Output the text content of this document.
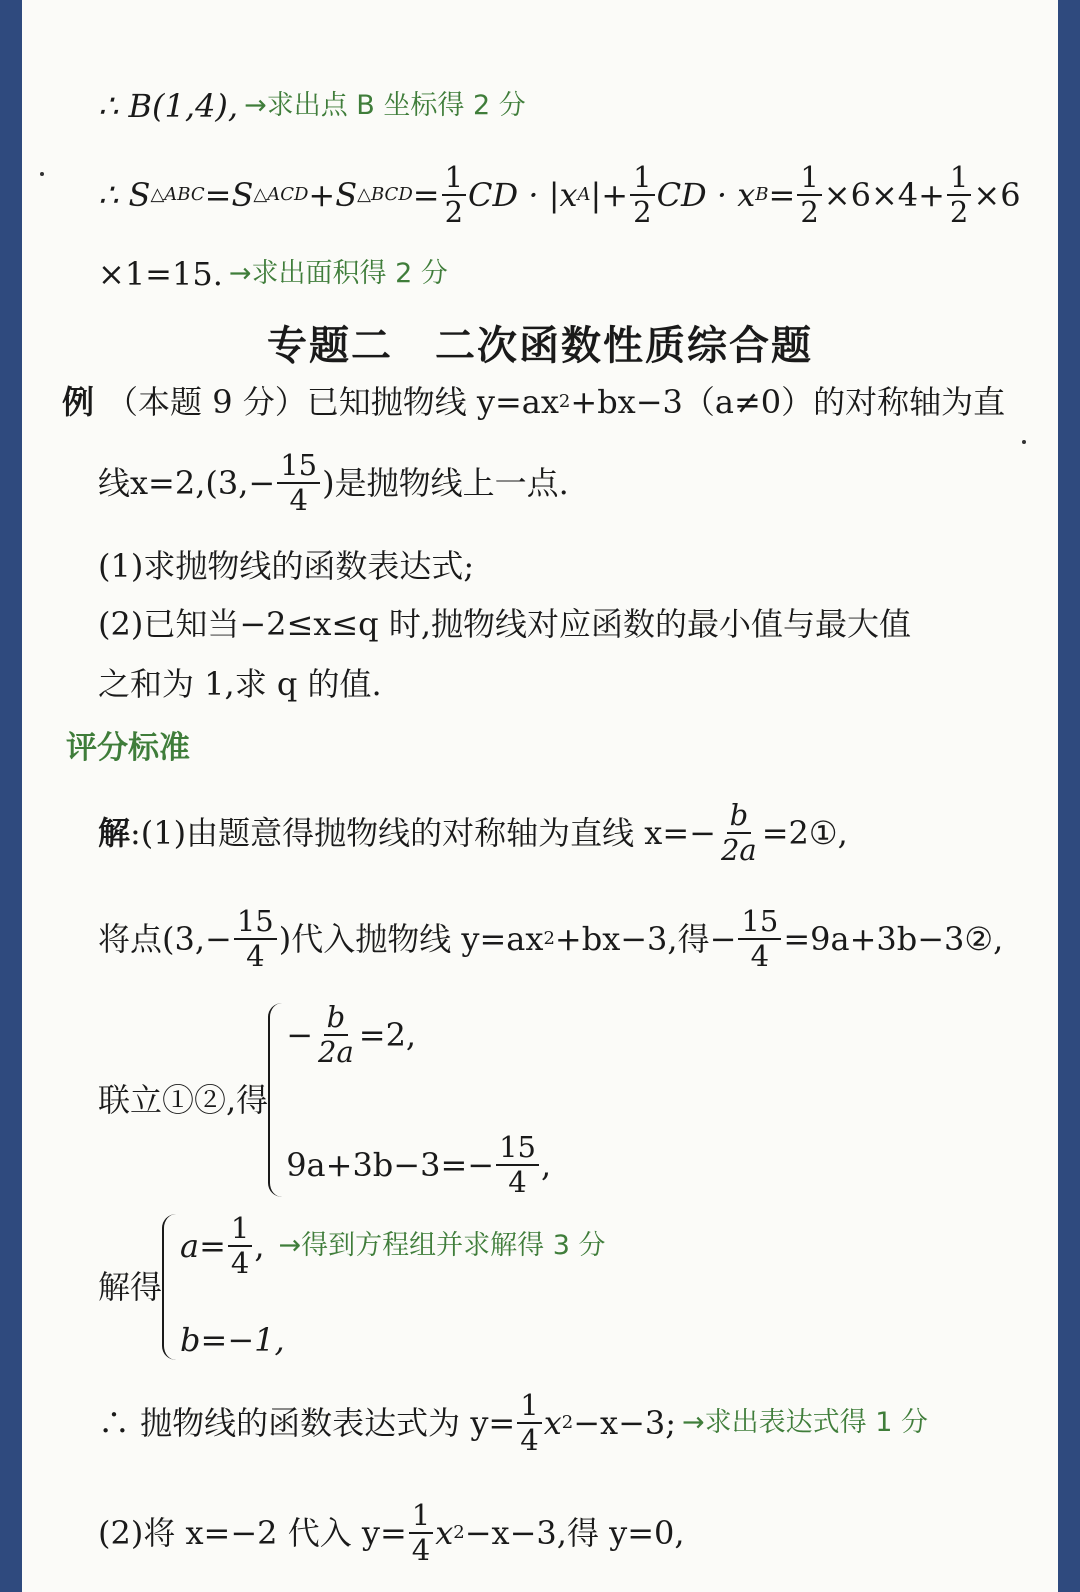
∴ B(1,4), →求出点 B 坐标得 2 分
∴ S △ABC =S △ACD +S △BCD = $\frac{1}{2}$ CD · |x A |+ $\frac{1}{2}$ CD · x $B = \frac{1}{2} \times 6\times 4+ \frac{1}{2} \times 6$
×1=15. →求出面积得 2 分
专题二　二次函数性质综合题
例 （本题 9 分）已知抛物线 y=ax 2 +bx−3（a≠0）的对称轴为直
线$x=2,(3,- \frac{15}{4}$ )是抛物线上一点.
(1)求抛物线的函数表达式;
(2)已知当−2≤x≤q 时,抛物线对应函数的最小值与最大值
之和为 1,求 q 的值.
评分标准
解 :(1)由题意得抛物线的对称轴为直线 $x=- \frac{b}{2a}$ =2①,
将点($3,- \frac{15}{4}$ )代入抛物线 y=ax 2 +bx−3,得− $\frac{15}{4}$ =9a+3b−3②,
联立①②,得
− $\frac{b}{2a} =2$,
$9a+3b-3=- \frac{15}{4}$ ,
解得
$a= \frac{1}{4}$ , →得到方程组并求解得 3 分
b=−1,
∴ 抛物线的函数表达式为 $y= \frac{1}{4}$ x 2 −x−3; →求出表达式得 1 分
(2)将 x=−2 代入 $y= \frac{1}{4}$ x 2 −x−3,得 y=0,
